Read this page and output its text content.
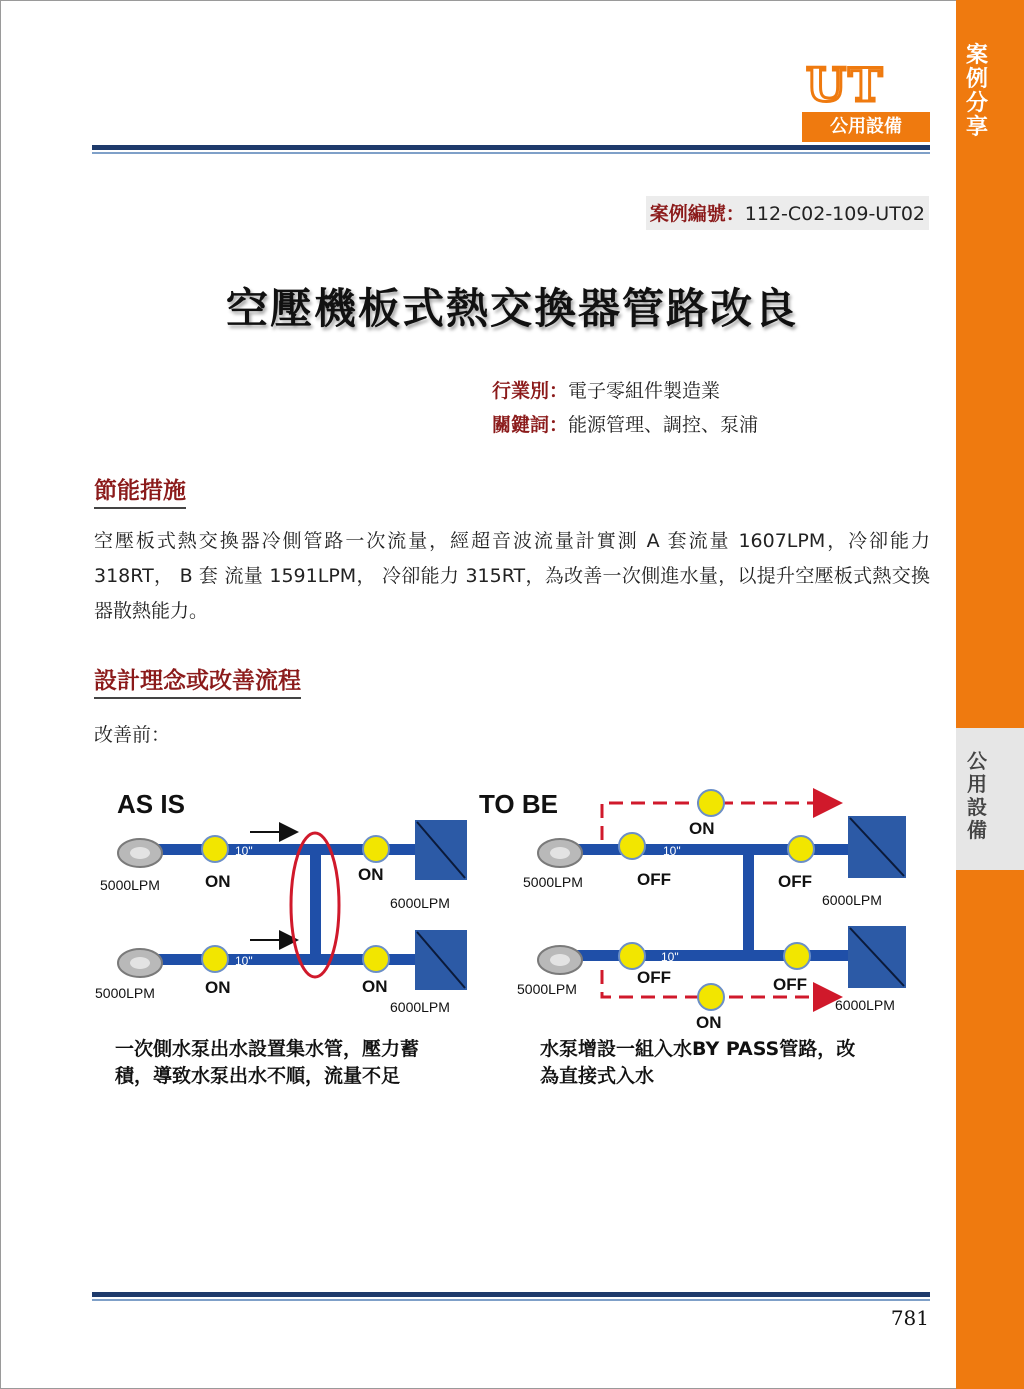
案例分享
公用設備
UT
公用設備
案例編號：112-C02-109-UT02
空壓機板式熱交換器管路改良
行業別：電子零組件製造業
關鍵詞：能源管理、調控、泵浦
節能措施
空壓板式熱交換器冷側管路一次流量，經超音波流量計實測 A 套流量 1607LPM，冷卻能力 318RT， B 套 流量 1591LPM， 冷卻能力 315RT，為改善一次側進水量，以提升空壓板式熱交換器散熱能力。
設計理念或改善流程
改善前：
AS IS
5000LPM	ON
10"
ON
6000LPM
5000LPM	ON
10"
ON
6000LPM
一次側水泵出水設置集水管，壓力蓄
積，導致水泵出水不順，流量不足
TO BE
ON
5000LPM	OFF
10"
OFF
6000LPM
5000LPM
OFF
10"
OFF
6000LPM
ON
水泵增設一組入水BY PASS管路，改
為直接式入水
781
